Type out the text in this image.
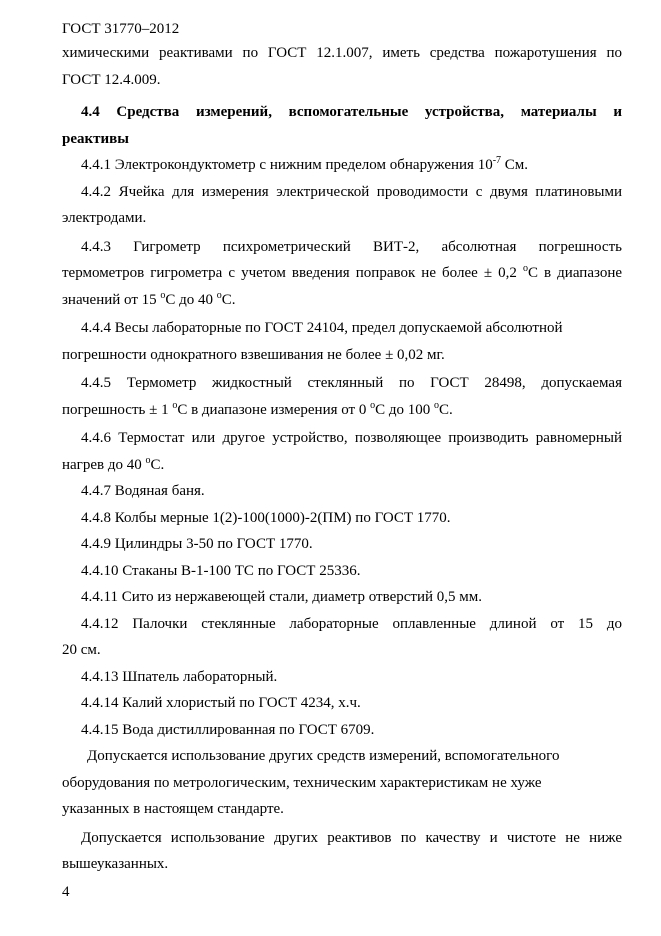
ГОСТ 31770–2012

химическими реактивами по ГОСТ 12.1.007, иметь средства пожаротушения по

ГОСТ 12.4.009.

4.4 Средства измерений, вспомогательные устройства, материалы и

реактивы

4.4.1 Электрокондуктометр с нижним пределом обнаружения $10^{-7}$ См.

4.4.2 Ячейка для измерения электрической проводимости с двумя платиновыми

электродами.

4.4.3 Гигрометр психрометрический ВИТ-2, абсолютная погрешность

термометров гигрометра с учетом введения поправок не более ± 0,2 $^о$С в диапазоне

значений от 15 $^о$С до 40 $^о$С.

4.4.4 Весы лабораторные по ГОСТ 24104, предел допускаемой абсолютной

погрешности однократного взвешивания не более ± 0,02 мг.

4.4.5 Термометр жидкостный стеклянный по ГОСТ 28498, допускаемая

погрешность ± 1 $^о$С в диапазоне измерения от 0 $^о$С до 100 $^о$С.

4.4.6 Термостат или другое устройство, позволяющее производить равномерный

нагрев до 40 $^о$С.

4.4.7 Водяная баня.

4.4.8 Колбы мерные 1(2)-100(1000)-2(ПМ) по ГОСТ 1770.

4.4.9 Цилиндры 3-50 по ГОСТ 1770.

4.4.10 Стаканы В-1-100 ТС по ГОСТ 25336.

4.4.11 Сито из нержавеющей стали, диаметр отверстий 0,5 мм.

4.4.12 Палочки стеклянные лабораторные оплавленные длиной от 15 до

20 см.

4.4.13 Шпатель лабораторный.

4.4.14 Калий хлористый по ГОСТ 4234, х.ч.

4.4.15 Вода дистиллированная по ГОСТ 6709.

Допускается использование других средств измерений, вспомогательного

оборудования по метрологическим, техническим характеристикам не хуже

указанных в настоящем стандарте.

Допускается использование других реактивов по качеству и чистоте не ниже

вышеуказанных.

4
